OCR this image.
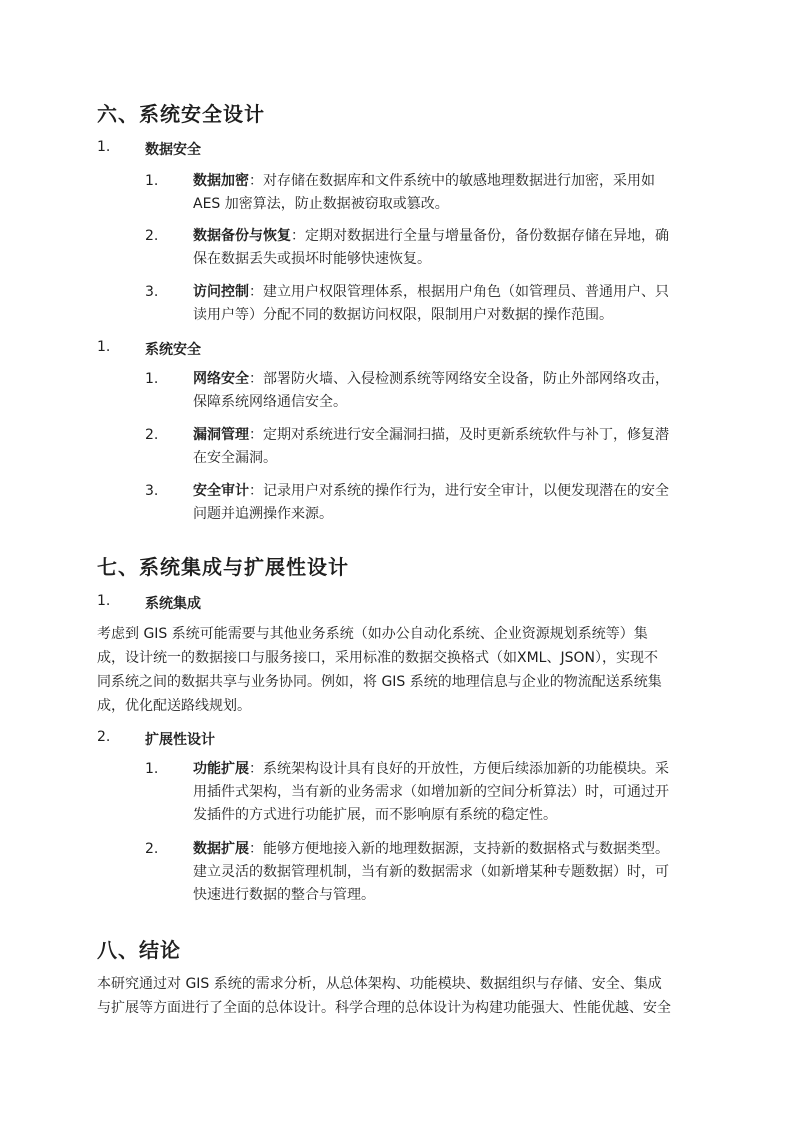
六、系统安全设计
1. 数据安全
1. 数据加密：对存储在数据库和文件系统中的敏感地理数据进行加密，采用如
AES 加密算法，防止数据被窃取或篡改。
2. 数据备份与恢复：定期对数据进行全量与增量备份，备份数据存储在异地，确
保在数据丢失或损坏时能够快速恢复。
3. 访问控制：建立用户权限管理体系，根据用户角色（如管理员、普通用户、只
读用户等）分配不同的数据访问权限，限制用户对数据的操作范围。
1. 系统安全
1. 网络安全：部署防火墙、入侵检测系统等网络安全设备，防止外部网络攻击，
保障系统网络通信安全。
2. 漏洞管理：定期对系统进行安全漏洞扫描，及时更新系统软件与补丁，修复潜
在安全漏洞。
3. 安全审计：记录用户对系统的操作行为，进行安全审计，以便发现潜在的安全
问题并追溯操作来源。
七、系统集成与扩展性设计
1. 系统集成
考虑到 GIS 系统可能需要与其他业务系统（如办公自动化系统、企业资源规划系统等）集
成，设计统一的数据接口与服务接口，采用标准的数据交换格式（如XML、JSON），实现不
同系统之间的数据共享与业务协同。例如，将 GIS 系统的地理信息与企业的物流配送系统集
成，优化配送路线规划。
2. 扩展性设计
1. 功能扩展：系统架构设计具有良好的开放性，方便后续添加新的功能模块。采
用插件式架构，当有新的业务需求（如增加新的空间分析算法）时，可通过开
发插件的方式进行功能扩展，而不影响原有系统的稳定性。
2. 数据扩展：能够方便地接入新的地理数据源，支持新的数据格式与数据类型。
建立灵活的数据管理机制，当有新的数据需求（如新增某种专题数据）时，可
快速进行数据的整合与管理。
八、结论
本研究通过对 GIS 系统的需求分析，从总体架构、功能模块、数据组织与存储、安全、集成
与扩展等方面进行了全面的总体设计。科学合理的总体设计为构建功能强大、性能优越、安全
